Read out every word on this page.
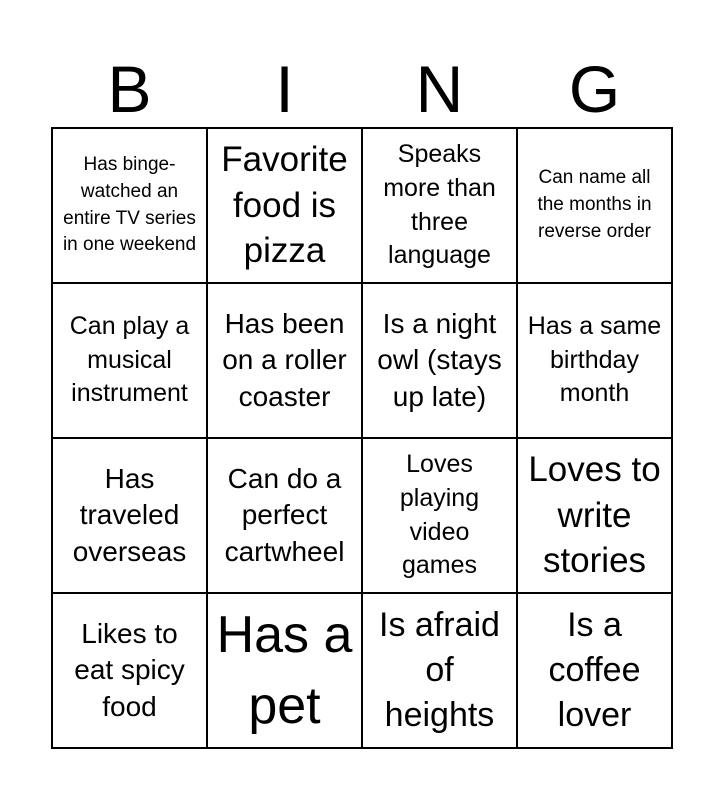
B	I	N	G
Has binge-watched an entire TV series in one weekend
Favorite food is pizza
Speaks more than three language
Can name all the months in reverse order
Can play a musical instrument
Has been on a roller coaster
Is a night owl (stays up late)
Has a same birthday month
Has traveled overseas
Can do a perfect cartwheel
Loves playing video games
Loves to write stories
Likes to eat spicy food
Has a pet
Is afraid of heights
Is a coffee lover
